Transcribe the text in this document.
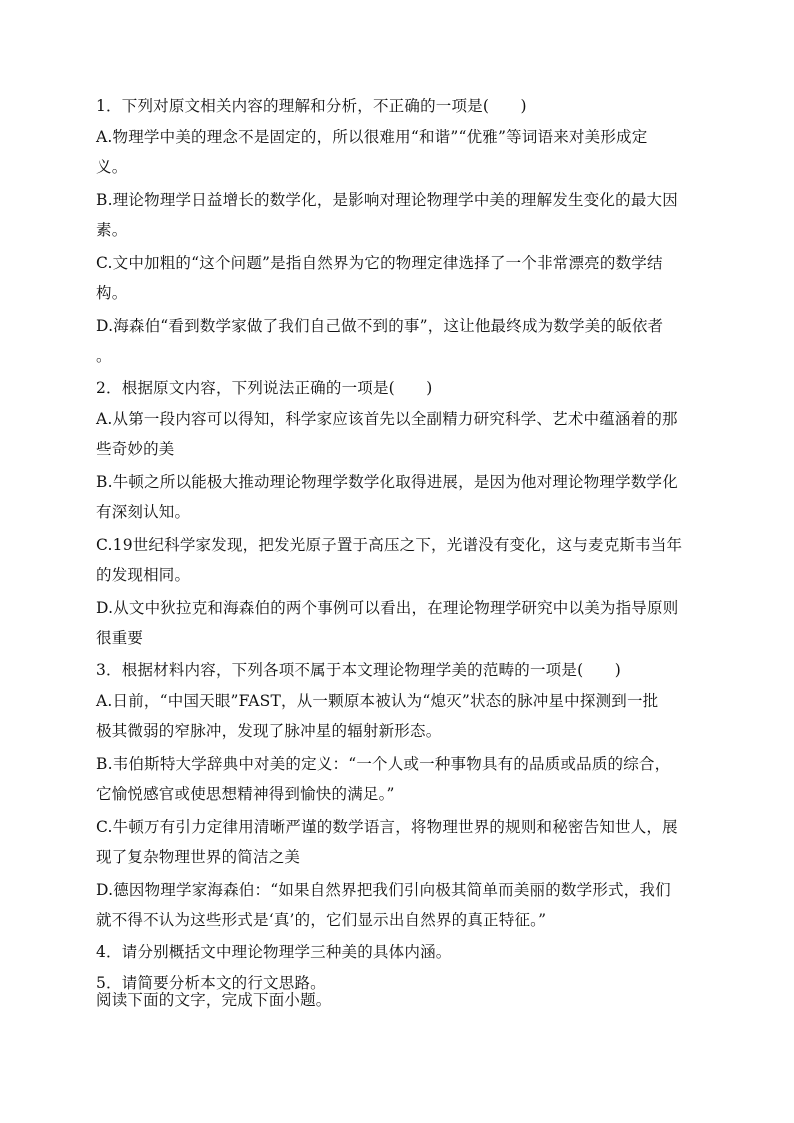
1．下列对原文相关内容的理解和分析，不正确的一项是(　　)
A.物理学中美的理念不是固定的，所以很难用“和谐”“优雅”等词语来对美形成定
义。
B.理论物理学日益增长的数学化，是影响对理论物理学中美的理解发生变化的最大因
素。
C.文中加粗的“这个问题”是指自然界为它的物理定律选择了一个非常漂亮的数学结
构。
D.海森伯“看到数学家做了我们自己做不到的事”，这让他最终成为数学美的皈依者
。
2．根据原文内容，下列说法正确的一项是(　　)
A.从第一段内容可以得知，科学家应该首先以全副精力研究科学、艺术中蕴涵着的那
些奇妙的美
B.牛顿之所以能极大推动理论物理学数学化取得进展，是因为他对理论物理学数学化
有深刻认知。
C.19世纪科学家发现，把发光原子置于高压之下，光谱没有变化，这与麦克斯韦当年
的发现相同。
D.从文中狄拉克和海森伯的两个事例可以看出，在理论物理学研究中以美为指导原则
很重要
3．根据材料内容，下列各项不属于本文理论物理学美的范畴的一项是(　　)
A.日前，“中国天眼”FAST，从一颗原本被认为“熄灭”状态的脉冲星中探测到一批
极其微弱的窄脉冲，发现了脉冲星的辐射新形态。
B.韦伯斯特大学辞典中对美的定义：“一个人或一种事物具有的品质或品质的综合，
它愉悦感官或使思想精神得到愉快的满足。”
C.牛顿万有引力定律用清晰严谨的数学语言，将物理世界的规则和秘密告知世人，展
现了复杂物理世界的简洁之美
D.德因物理学家海森伯：“如果自然界把我们引向极其简单而美丽的数学形式，我们
就不得不认为这些形式是‘真’的，它们显示出自然界的真正特征。”
4．请分别概括文中理论物理学三种美的具体内涵。
5．请简要分析本文的行文思路。
阅读下面的文字，完成下面小题。
